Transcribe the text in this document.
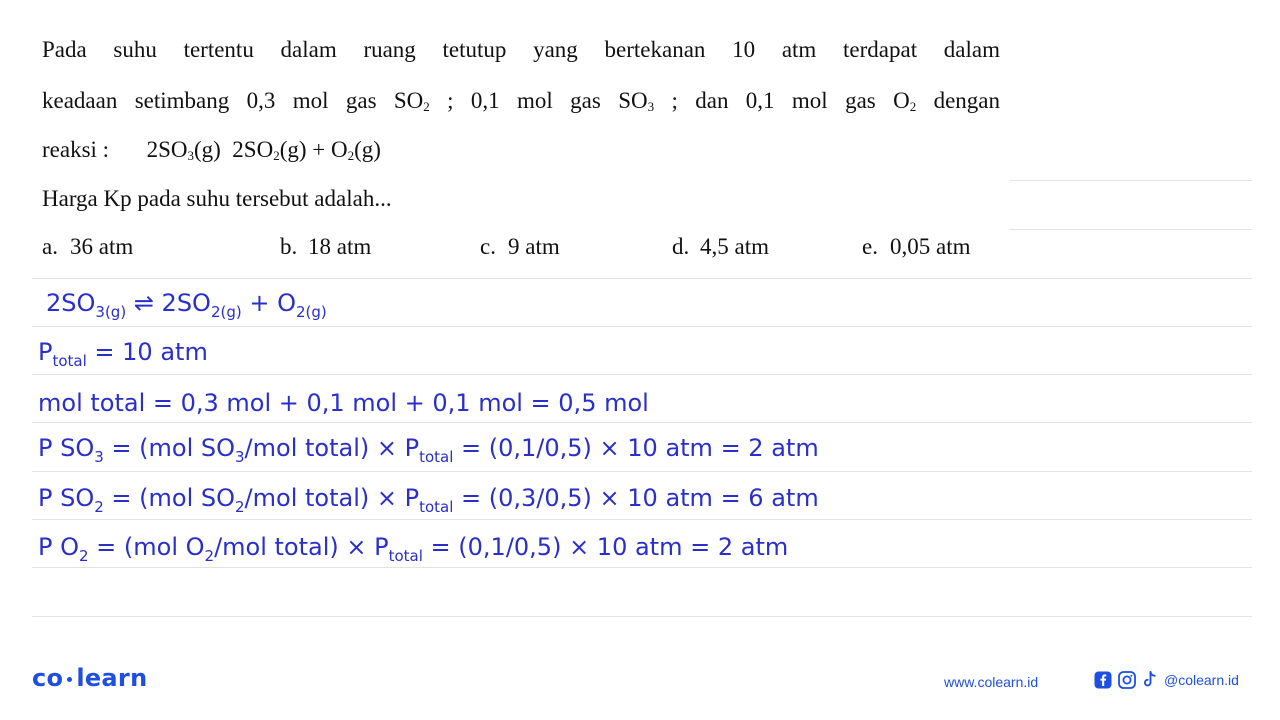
Pada suhu tertentu dalam ruang tetutup yang bertekanan 10 atm terdapat dalam
keadaan setimbang 0,3 mol gas $SO_2$ ; 0,1 mol gas $SO_3$ ; dan 0,1 mol gas $O_2$ dengan
reaksi : $2SO_3(g) 2SO_2(g) + O_2(g)$
Harga Kp pada suhu tersebut adalah...
a. 36 atm	b. 18 atm	c. 9 atm	d. 4,5 atm	e. 0,05 atm
$2SO_{3(g)}$ ⇌ $2SO_{2(g)} + O_{2(g)}$
$P_{total} = 10$ atm
mol total = 0,3 mol + 0,1 mol + 0,1 mol = 0,5 mol
P $SO_3 = (mol$ $SO_3$/mol total) × $P_{total} = (0,1/0,5) \times 10$ atm = 2 atm
P $SO_2 = (mol$ $SO_2$/mol total) × $P_{total} = (0,3/0,5) \times 10$ atm = 6 atm
P $O_2 = (mol$ $O_2$/mol total) × $P_{total} = (0,1/0,5) \times 10$ atm = 2 atm
co learn	www.colearn.id	@colearn.id
